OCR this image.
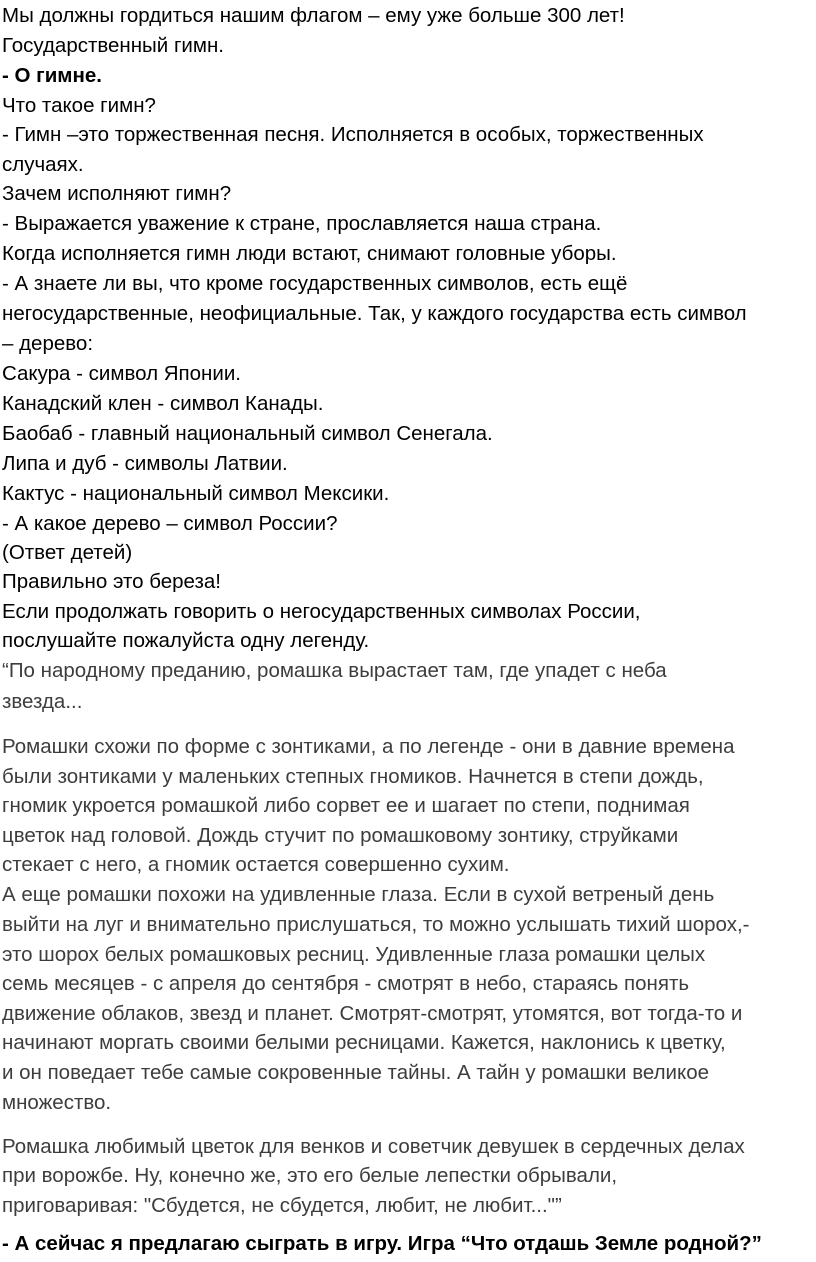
Мы должны гордиться нашим флагом – ему уже больше 300 лет!
Государственный гимн.
- О гимне.
Что такое гимн?
- Гимн –это торжественная песня. Исполняется в особых, торжественных
случаях.
Зачем исполняют гимн?
- Выражается уважение к стране, прославляется наша страна.
Когда исполняется гимн люди встают, снимают головные уборы.
- А знаете ли вы, что кроме государственных символов, есть ещё
негосударственные, неофициальные. Так, у каждого государства есть символ
– дерево:
Сакура - символ Японии.
Канадский клен - символ Канады.
Баобаб - главный национальный символ Сенегала.
Липа и дуб - символы Латвии.
Кактус - национальный символ Мексики.
- А какое дерево – символ России?
(Ответ детей)
Правильно это береза!
Если продолжать говорить о негосударственных символах России,
послушайте пожалуйста одну легенду.
“По народному преданию, ромашка вырастает там, где упадет с неба
звезда...
Ромашки схожи по форме с зонтиками, а по легенде - они в давние времена
были зонтиками у маленьких степных гномиков. Начнется в степи дождь,
гномик укроется ромашкой либо сорвет ее и шагает по степи, поднимая
цветок над головой. Дождь стучит по ромашковому зонтику, струйками
стекает с него, а гномик остается совершенно сухим.
А еще ромашки похожи на удивленные глаза. Если в сухой ветреный день
выйти на луг и внимательно прислушаться, то можно услышать тихий шорох,-
это шорох белых ромашковых ресниц. Удивленные глаза ромашки целых
семь месяцев - с апреля до сентября - смотрят в небо, стараясь понять
движение облаков, звезд и планет. Смотрят-смотрят, утомятся, вот тогда-то и
начинают моргать своими белыми ресницами. Кажется, наклонись к цветку,
и он поведает тебе самые сокровенные тайны. А тайн у ромашки великое
множество.
Ромашка любимый цветок для венков и советчик девушек в сердечных делах
при ворожбе. Ну, конечно же, это его белые лепестки обрывали,
приговаривая: "Сбудется, не сбудется, любит, не любит..."”
- А сейчас я предлагаю сыграть в игру. Игра “Что отдашь Земле родной?”
